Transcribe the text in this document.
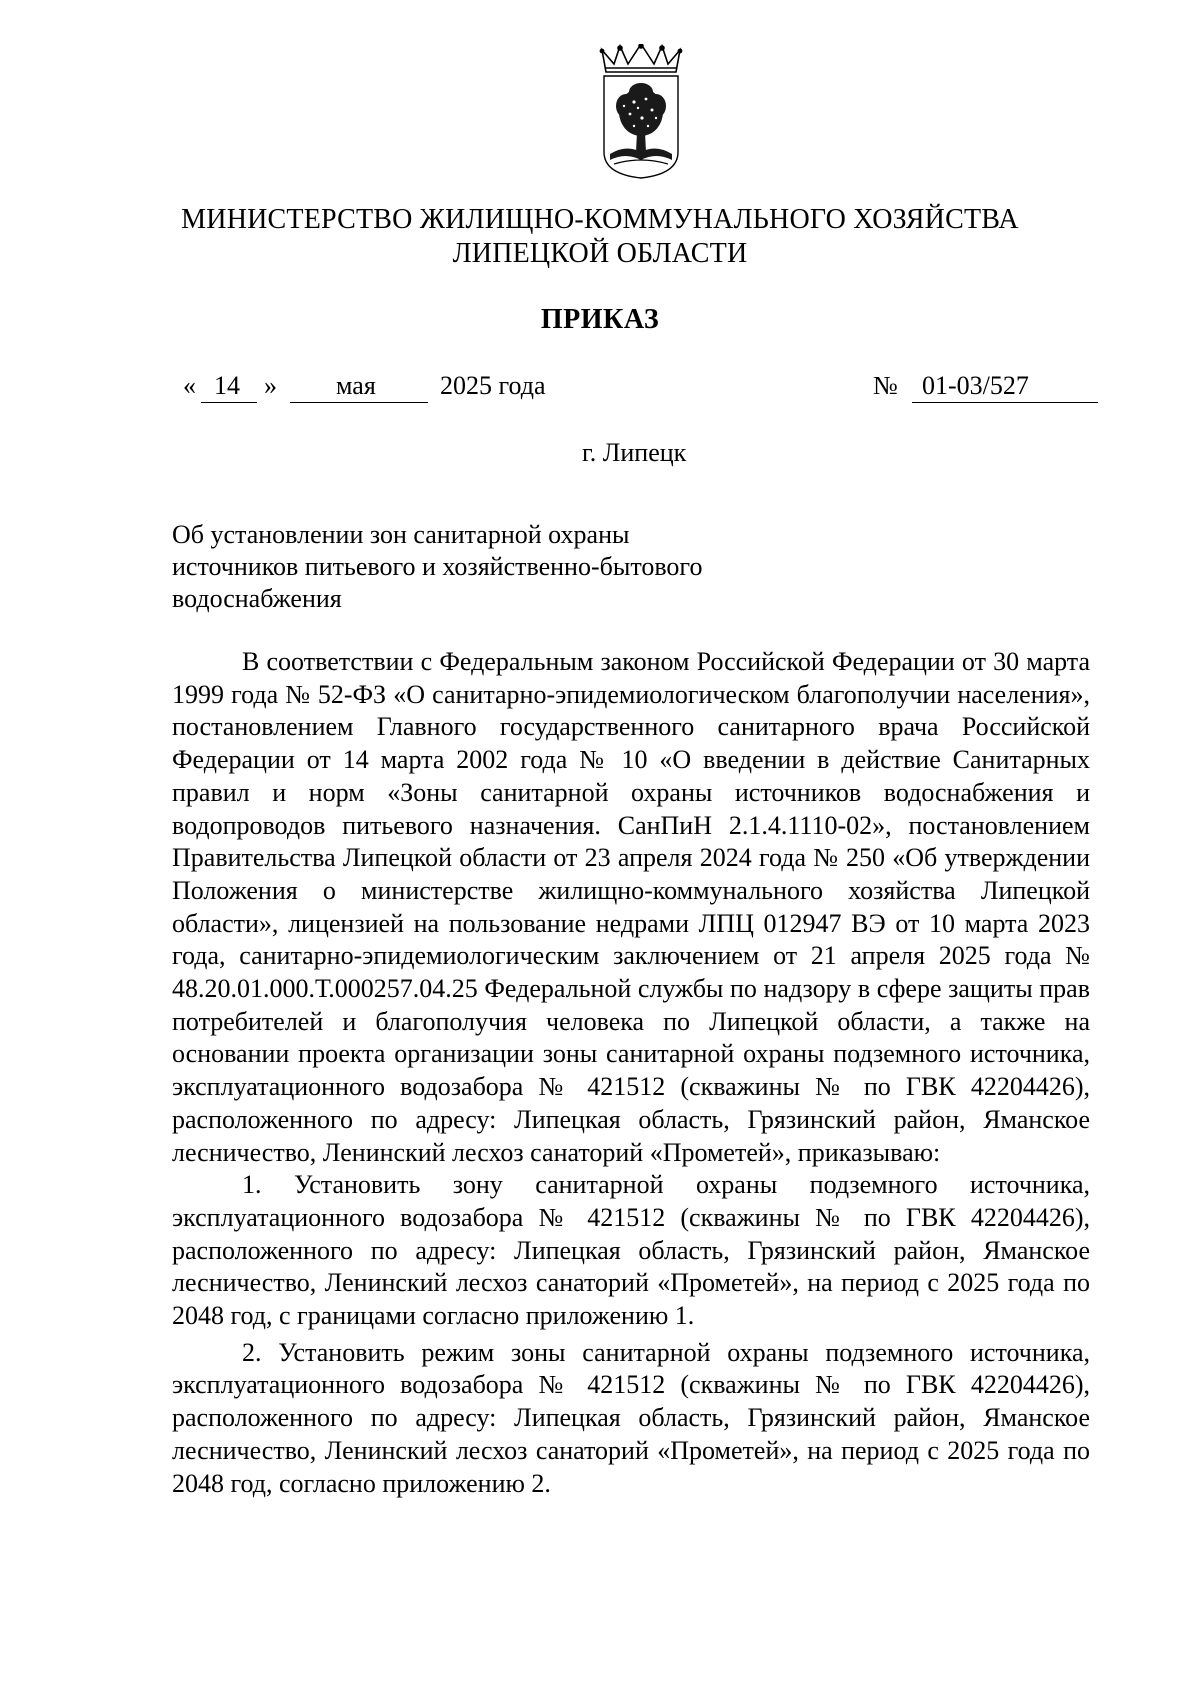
МИНИСТЕРСТВО ЖИЛИЩНО-КОММУНАЛЬНОГО ХОЗЯЙСТВА
ЛИПЕЦКОЙ ОБЛАСТИ
ПРИКАЗ
« 14 » мая 2025 года	№ 01-03/527
г. Липецк
Об установлении зон санитарной охраны
источников питьевого и хозяйственно-бытового
водоснабжения

В соответствии с Федеральным законом Российской Федерации от 30 марта 1999 года № 52-ФЗ «О санитарно-эпидемиологическом благополучии населения», постановлением Главного государственного санитарного врача Российской Федерации от 14 марта 2002 года № 10 «О введении в действие Санитарных правил и норм «Зоны санитарной охраны источников водоснабжения и водопроводов питьевого назначения. СанПиН 2.1.4.1110-02», постановлением Правительства Липецкой области от 23 апреля 2024 года № 250 «Об утверждении Положения о министерстве жилищно-коммунального хозяйства Липецкой области», лицензией на пользование недрами ЛПЦ 012947 ВЭ от 10 марта 2023 года, санитарно-эпидемиологическим заключением от 21 апреля 2025 года № 48.20.01.000.Т.000257.04.25 Федеральной службы по надзору в сфере защиты прав потребителей и благополучия человека по Липецкой области, а также на основании проекта организации зоны санитарной охраны подземного источника, эксплуатационного водозабора № 421512 (скважины № по ГВК 42204426), расположенного по адресу: Липецкая область, Грязинский район, Яманское лесничество, Ленинский лесхоз санаторий «Прометей», приказываю:

1. Установить зону санитарной охраны подземного источника, эксплуатационного водозабора № 421512 (скважины № по ГВК 42204426), расположенного по адресу: Липецкая область, Грязинский район, Яманское лесничество, Ленинский лесхоз санаторий «Прометей», на период с 2025 года по 2048 год, с границами согласно приложению 1.

2. Установить режим зоны санитарной охраны подземного источника, эксплуатационного водозабора № 421512 (скважины № по ГВК 42204426), расположенного по адресу: Липецкая область, Грязинский район, Яманское лесничество, Ленинский лесхоз санаторий «Прометей», на период с 2025 года по 2048 год, согласно приложению 2.
